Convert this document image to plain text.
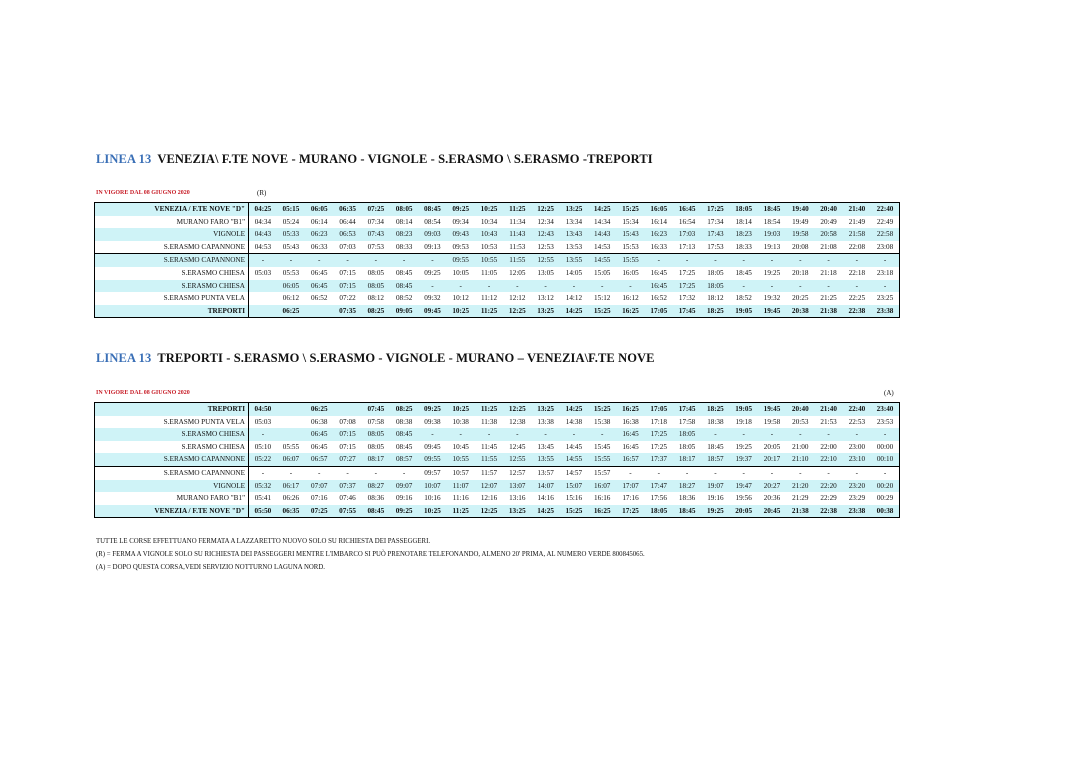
LINEA 13 VENEZIA\ F.TE NOVE - MURANO - VIGNOLE - S.ERASMO \ S.ERASMO -TREPORTI
IN VIGORE DAL 08 GIUGNO 2020	(R)
VENEZIA / F.TE NOVE "D"	04:25	05:15	06:05	06:35	07:25	08:05	08:45	09:25	10:25	11:25	12:25	13:25	14:25	15:25	16:05	16:45	17:25	18:05	18:45	19:40	20:40	21:40	22:40
MURANO FARO "B1"	04:34	05:24	06:14	06:44	07:34	08:14	08:54	09:34	10:34	11:34	12:34	13:34	14:34	15:34	16:14	16:54	17:34	18:14	18:54	19:49	20:49	21:49	22:49
VIGNOLE	04:43	05:33	06:23	06:53	07:43	08:23	09:03	09:43	10:43	11:43	12:43	13:43	14:43	15:43	16:23	17:03	17:43	18:23	19:03	19:58	20:58	21:58	22:58
S.ERASMO CAPANNONE	04:53	05:43	06:33	07:03	07:53	08:33	09:13	09:53	10:53	11:53	12:53	13:53	14:53	15:53	16:33	17:13	17:53	18:33	19:13	20:08	21:08	22:08	23:08
S.ERASMO CAPANNONE	-	-	-	-	-	-	-	09:55	10:55	11:55	12:55	13:55	14:55	15:55	-	-	-	-	-	-	-	-	-
S.ERASMO CHIESA	05:03	05:53	06:45	07:15	08:05	08:45	09:25	10:05	11:05	12:05	13:05	14:05	15:05	16:05	16:45	17:25	18:05	18:45	19:25	20:18	21:18	22:18	23:18
S.ERASMO CHIESA		06:05	06:45	07:15	08:05	08:45	-	-	-	-	-	-	-	-	16:45	17:25	18:05	-	-	-	-	-	-
S.ERASMO PUNTA VELA		06:12	06:52	07:22	08:12	08:52	09:32	10:12	11:12	12:12	13:12	14:12	15:12	16:12	16:52	17:32	18:12	18:52	19:32	20:25	21:25	22:25	23:25
TREPORTI		06:25		07:35	08:25	09:05	09:45	10:25	11:25	12:25	13:25	14:25	15:25	16:25	17:05	17:45	18:25	19:05	19:45	20:38	21:38	22:38	23:38
LINEA 13 TREPORTI - S.ERASMO \ S.ERASMO - VIGNOLE - MURANO – VENEZIA\F.TE NOVE
IN VIGORE DAL 08 GIUGNO 2020	(A)
TREPORTI	04:50		06:25		07:45	08:25	09:25	10:25	11:25	12:25	13:25	14:25	15:25	16:25	17:05	17:45	18:25	19:05	19:45	20:40	21:40	22:40	23:40
S.ERASMO PUNTA VELA	05:03		06:38	07:08	07:58	08:38	09:38	10:38	11:38	12:38	13:38	14:38	15:38	16:38	17:18	17:58	18:38	19:18	19:58	20:53	21:53	22:53	23:53
S.ERASMO CHIESA	-		06:45	07:15	08:05	08:45	-	-	-	-	-	-	-	16:45	17:25	18:05	-	-	-	-	-	-	-
S.ERASMO CHIESA	05:10	05:55	06:45	07:15	08:05	08:45	09:45	10:45	11:45	12:45	13:45	14:45	15:45	16:45	17:25	18:05	18:45	19:25	20:05	21:00	22:00	23:00	00:00
S.ERASMO CAPANNONE	05:22	06:07	06:57	07:27	08:17	08:57	09:55	10:55	11:55	12:55	13:55	14:55	15:55	16:57	17:37	18:17	18:57	19:37	20:17	21:10	22:10	23:10	00:10
S.ERASMO CAPANNONE	-	-	-	-	-	-	09:57	10:57	11:57	12:57	13:57	14:57	15:57	-	-	-	-	-	-	-	-	-	-
VIGNOLE	05:32	06:17	07:07	07:37	08:27	09:07	10:07	11:07	12:07	13:07	14:07	15:07	16:07	17:07	17:47	18:27	19:07	19:47	20:27	21:20	22:20	23:20	00:20
MURANO FARO "B1"	05:41	06:26	07:16	07:46	08:36	09:16	10:16	11:16	12:16	13:16	14:16	15:16	16:16	17:16	17:56	18:36	19:16	19:56	20:36	21:29	22:29	23:29	00:29
VENEZIA / F.TE NOVE "D"	05:50	06:35	07:25	07:55	08:45	09:25	10:25	11:25	12:25	13:25	14:25	15:25	16:25	17:25	18:05	18:45	19:25	20:05	20:45	21:38	22:38	23:38	00:38
TUTTE LE CORSE EFFETTUANO FERMATA A LAZZARETTO NUOVO SOLO SU RICHIESTA DEI PASSEGGERI.
(R) = FERMA A VIGNOLE SOLO SU RICHIESTA DEI PASSEGGERI MENTRE L'IMBARCO SI PUÒ PRENOTARE TELEFONANDO, ALMENO 20' PRIMA, AL NUMERO VERDE 800845065.
(A) = DOPO QUESTA CORSA,VEDI SERVIZIO NOTTURNO LAGUNA NORD.
